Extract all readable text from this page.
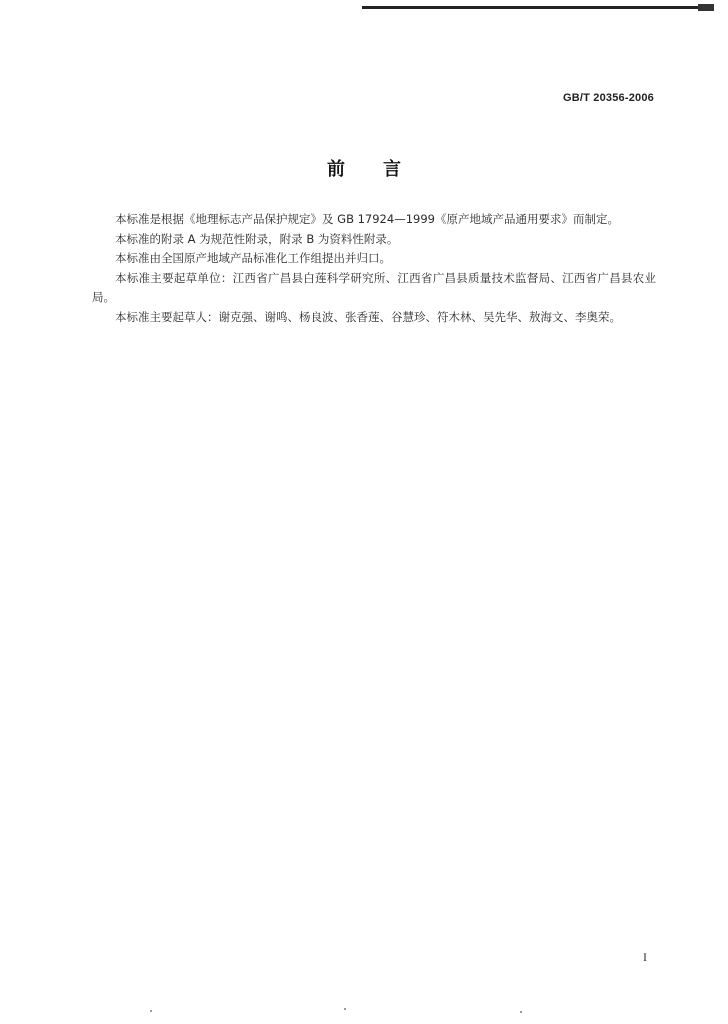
GB/T 20356-2006
前言

本标准是根据《地理标志产品保护规定》及 GB 17924—1999《原产地域产品通用要求》而制定。

本标准的附录 A 为规范性附录，附录 B 为资料性附录。

本标准由全国原产地域产品标准化工作组提出并归口。

本标准主要起草单位：江西省广昌县白莲科学研究所、江西省广昌县质量技术监督局、江西省广昌县农业局。

本标准主要起草人：谢克强、谢鸣、杨良波、张香莲、谷慧珍、符木林、吴先华、敖海文、李奥荣。

I
